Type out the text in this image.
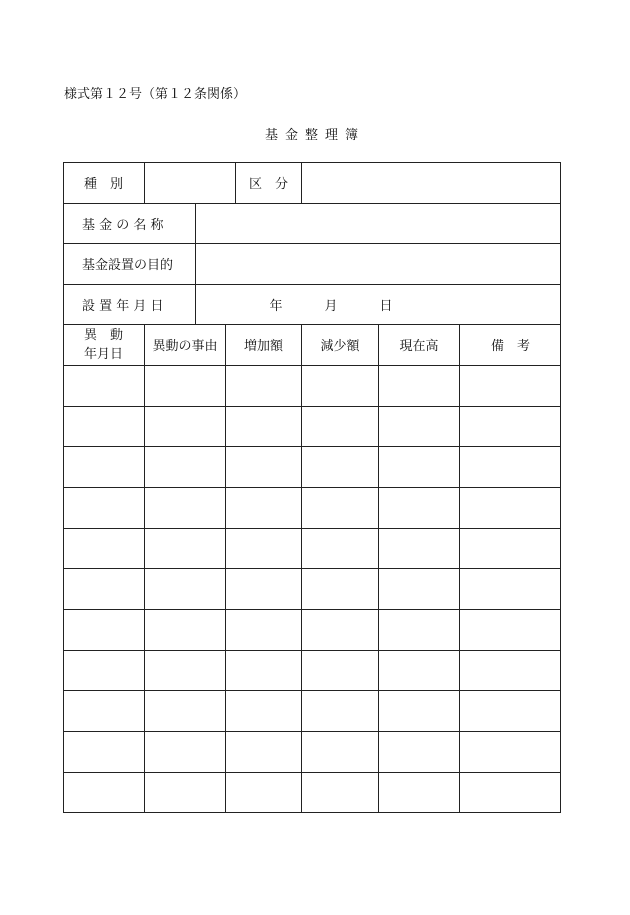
様式第１２号（第１２条関係）
基金整理簿
種　別	区　分
基 金 の 名 称
基金設置の目的
設 置 年 月 日	年	月	日
異　動
年月日	異動の事由	増加額	減少額	現在高	備　考
